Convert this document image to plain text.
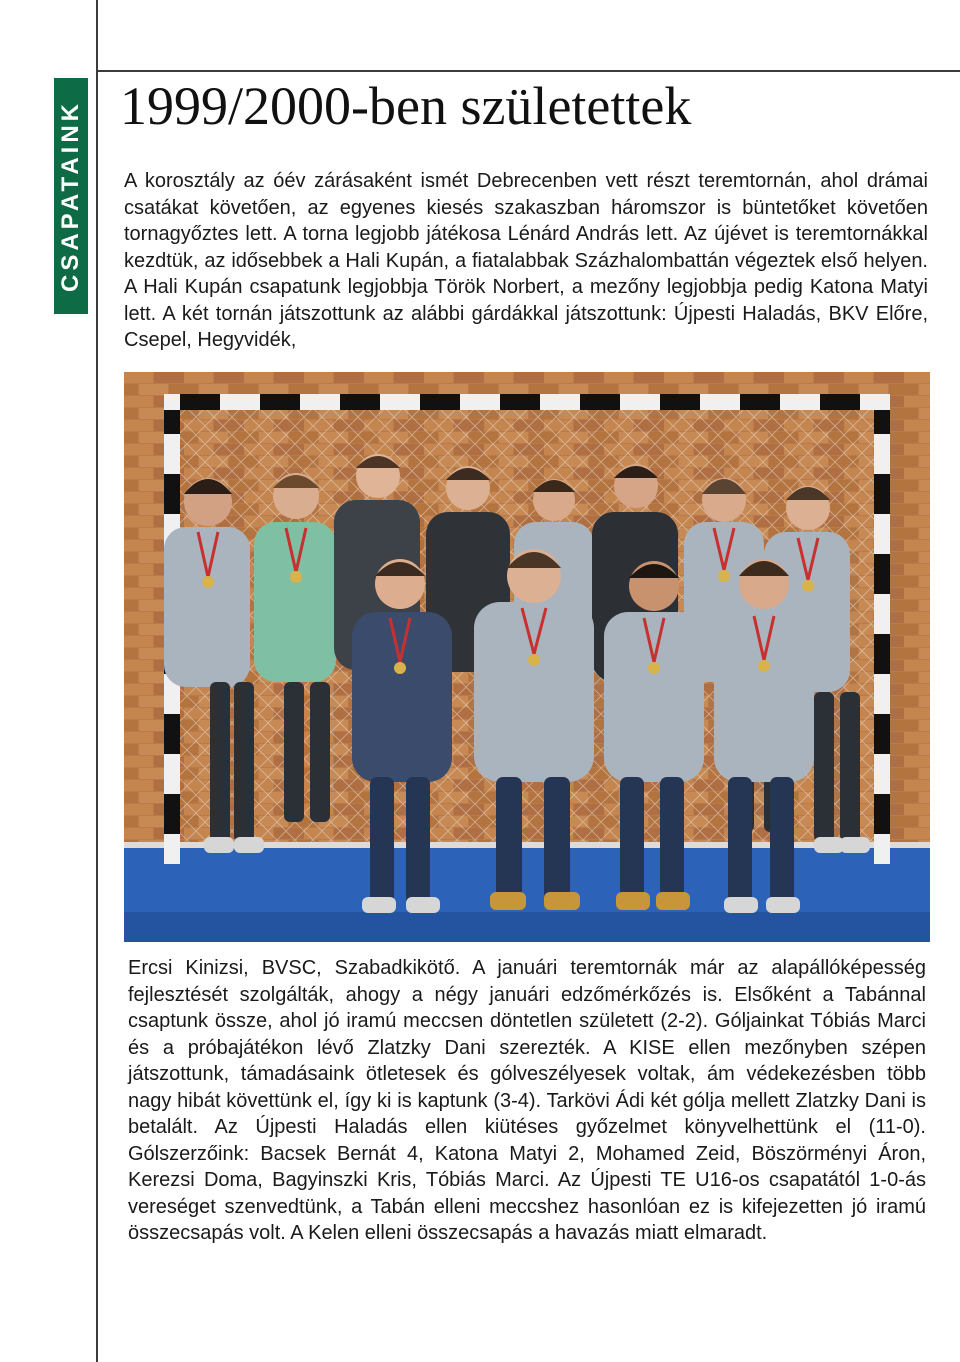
CSAPATAINK 1999/2000-ben születettek

A korosztály az óév zárásaként ismét Debrecenben vett részt teremtornán, ahol drámai csatákat követően, az egyenes kiesés szakaszban háromszor is büntetőket követően tornagyőztes lett. A torna legjobb játékosa Lénárd András lett. Az újévet is teremtornákkal kezdtük, az idősebbek a Hali Kupán, a fiatalabbak Százhalombattán végeztek első helyen. A Hali Kupán csapatunk legjobbja Török Norbert, a mezőny legjobbja pedig Katona Matyi lett. A két tornán játszottunk az alábbi gárdákkal játszottunk: Újpesti Haladás, BKV Előre, Csepel, Hegyvidék,

Ercsi Kinizsi, BVSC, Szabadkikötő. A januári teremtornák már az alapállóképesség fejlesztését szolgálták, ahogy a négy januári edzőmérkőzés is. Elsőként a Tabánnal csaptunk össze, ahol jó iramú meccsen döntetlen született (2-2). Góljainkat Tóbiás Marci és a próbajátékon lévő Zlatzky Dani szerezték. A KISE ellen mezőnyben szépen játszottunk, támadásaink ötletesek és gólveszélyesek voltak, ám védekezésben több nagy hibát követtünk el, így ki is kaptunk (3-4). Tarkövi Ádi két gólja mellett Zlatzky Dani is betalált. Az Újpesti Haladás ellen kiütéses győzelmet könyvelhettünk el (11-0). Gólszerzőink: Bacsek Bernát 4, Katona Matyi 2, Mohamed Zeid, Böszörményi Áron, Kerezsi Doma, Bagyinszki Kris, Tóbiás Marci. Az Újpesti TE U16-os csapatától 1-0-ás vereséget szenvedtünk, a Tabán elleni meccshez hasonlóan ez is kifejezetten jó iramú összecsapás volt. A Kelen elleni összecsapás a havazás miatt elmaradt.
